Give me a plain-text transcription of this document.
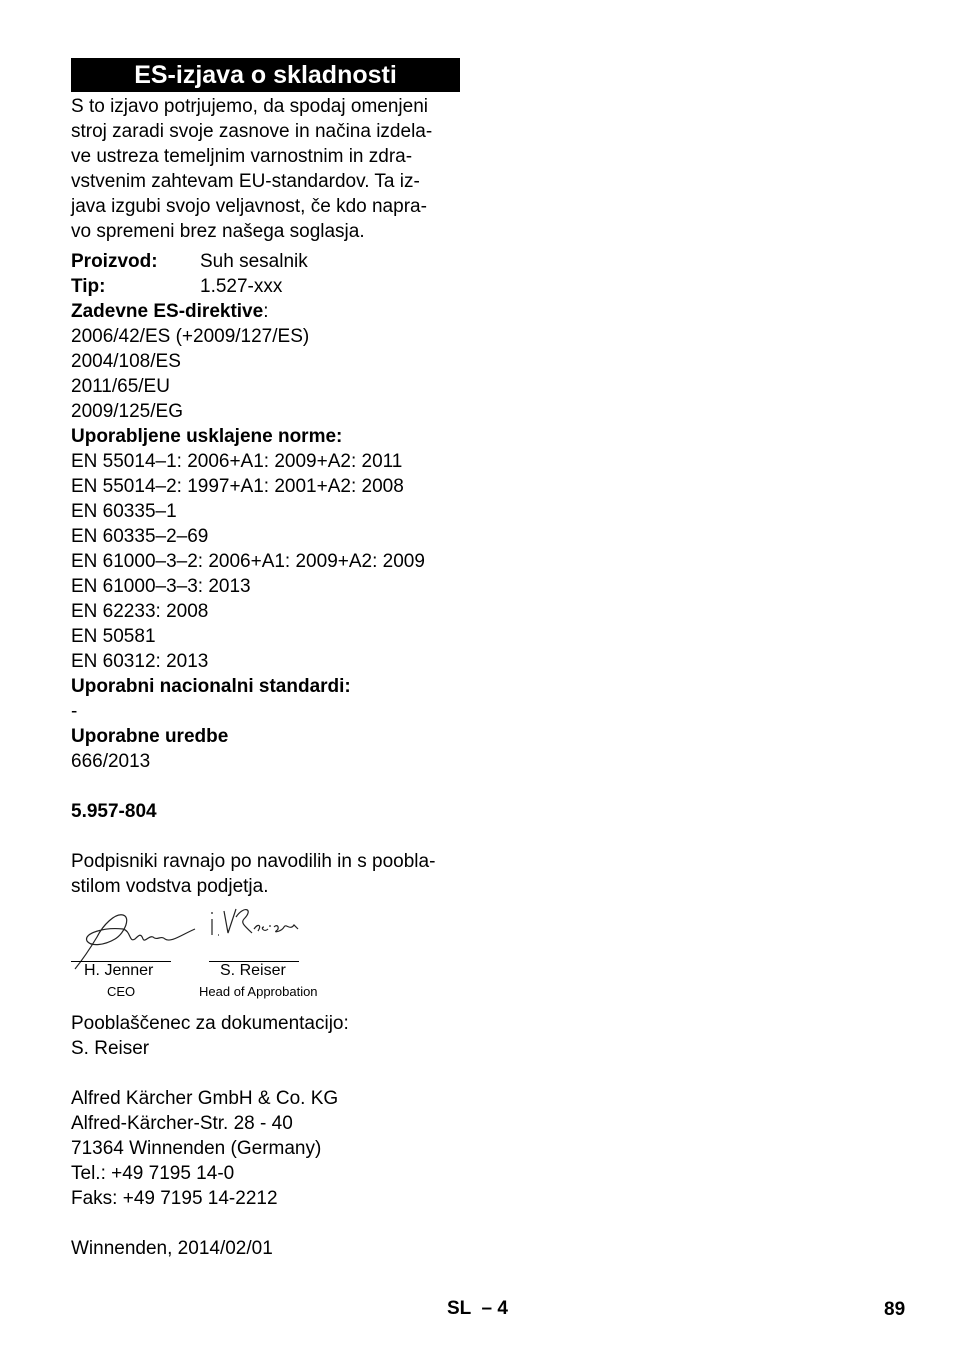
ES-izjava o skladnosti
S to izjavo potrjujemo, da spodaj omenjeni
stroj zaradi svoje zasnove in načina izdela-
ve ustreza temeljnim varnostnim in zdra-
vstvenim zahtevam EU-standardov. Ta iz-
java izgubi svojo veljavnost, če kdo napra-
vo spremeni brez našega soglasja.
Proizvod: Suh sesalnik
Tip:	1.527-xxx
Zadevne ES-direktive:
2006/42/ES (+2009/127/ES)
2004/108/ES
2011/65/EU
2009/125/EG
Uporabljene usklajene norme:
EN 55014–1: 2006+A1: 2009+A2: 2011
EN 55014–2: 1997+A1: 2001+A2: 2008
EN 60335–1
EN 60335–2–69
EN 61000–3–2: 2006+A1: 2009+A2: 2009
EN 61000–3–3: 2013
EN 62233: 2008
EN 50581
EN 60312: 2013
Uporabni nacionalni standardi:
-
Uporabne uredbe
666/2013
5.957-804
Podpisniki ravnajo po navodilih in s poobla-
stilom vodstva podjetja.
H. Jenner	S. Reiser
CEO	Head of Approbation
Pooblaščenec za dokumentacijo:
S. Reiser
Alfred Kärcher GmbH & Co. KG
Alfred-Kärcher-Str. 28 - 40
71364 Winnenden (Germany)
Tel.: +49 7195 14-0
Faks: +49 7195 14-2212
Winnenden, 2014/02/01
SL  – 4	89
